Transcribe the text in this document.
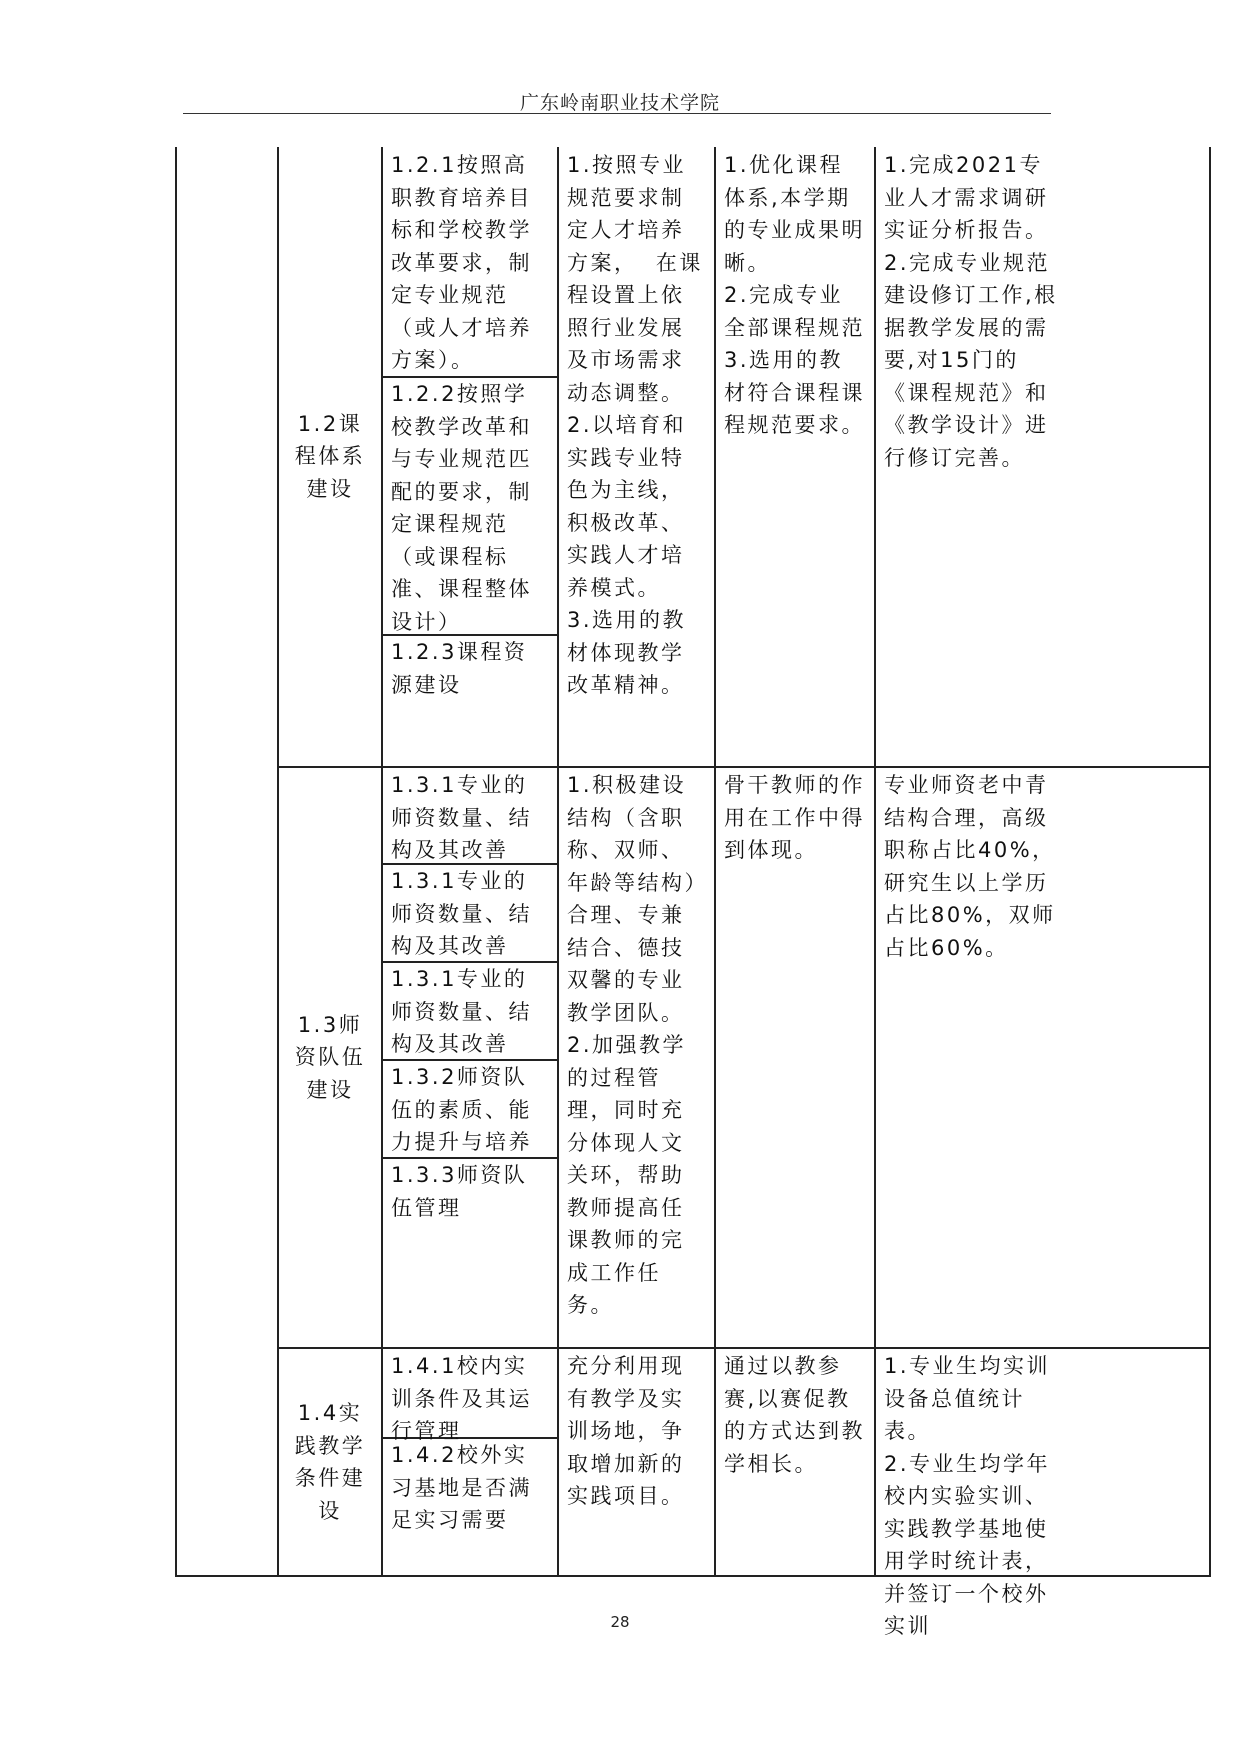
广东岭南职业技术学院
1.2课程体系建设
1.2.1按照高职教育培养目标和学校教学改革要求，制定专业规范（或人才培养方案）。
1.2.2按照学校教学改革和与专业规范匹配的要求，制定课程规范（或课程标准、课程整体设计）
1.2.3课程资源建设
1.按照专业规范要求制定人才培养方案，  在课程设置上依照行业发展及市场需求动态调整。
2.以培育和实践专业特色为主线，积极改革、实践人才培养模式。
3.选用的教材体现教学改革精神。
1.优化课程体系,本学期的专业成果明晰。
2.完成专业全部课程规范
3.选用的教材符合课程课程规范要求。
1.完成2021专业人才需求调研实证分析报告。
2.完成专业规范建设修订工作,根据教学发展的需要,对15门的《课程规范》和《教学设计》进行修订完善。
1.3师资队伍建设
1.3.1专业的师资数量、结构及其改善
1.3.1专业的师资数量、结构及其改善
1.3.1专业的师资数量、结构及其改善
1.3.2师资队伍的素质、能力提升与培养
1.3.3师资队伍管理
1.积极建设结构（含职称、双师、年龄等结构）合理、专兼结合、德技双馨的专业教学团队。
2.加强教学的过程管理，同时充分体现人文关环，帮助教师提高任课教师的完成工作任务。
骨干教师的作用在工作中得到体现。
专业师资老中青结构合理，高级职称占比40%，研究生以上学历占比80%，双师占比60%。
1.4实践教学条件建设
1.4.1校内实训条件及其运行管理
1.4.2校外实习基地是否满足实习需要
充分利用现有教学及实训场地，争取增加新的实践项目。
通过以教参赛,以赛促教的方式达到教学相长。
1.专业生均实训设备总值统计表。
2.专业生均学年校内实验实训、实践教学基地使用学时统计表，并签订一个校外实训
28
